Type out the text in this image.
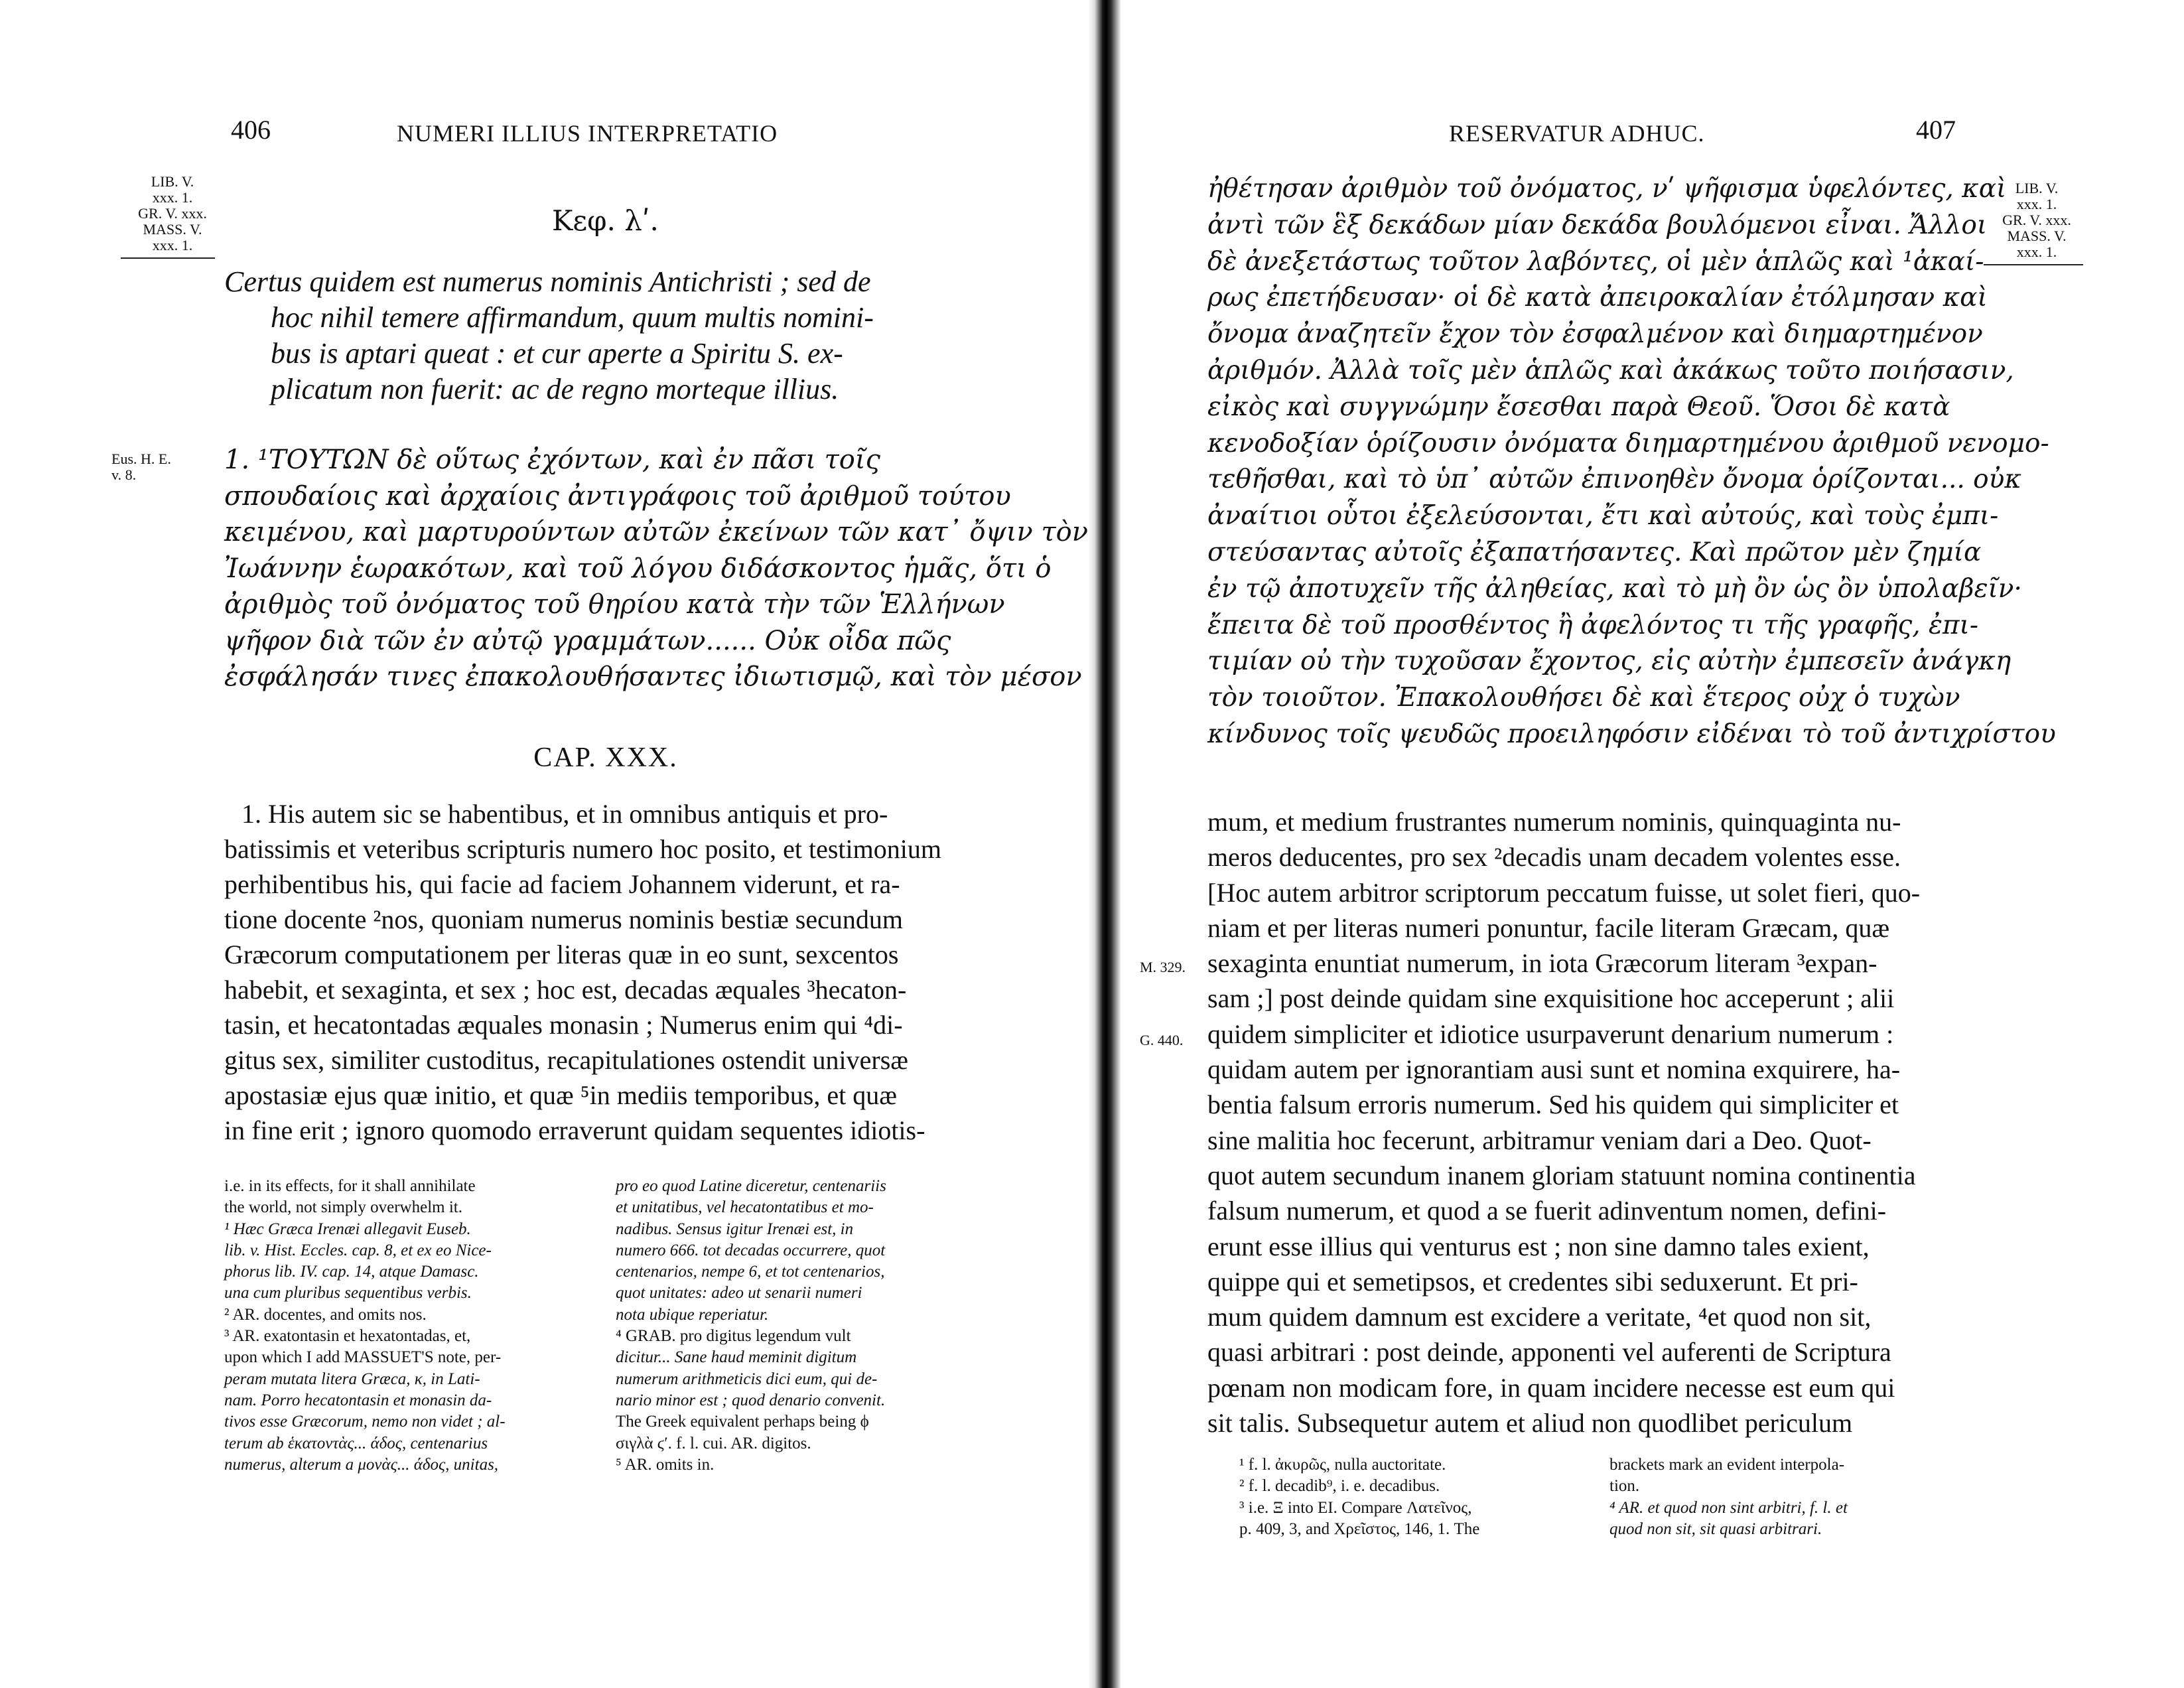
406	NUMERI ILLIUS INTERPRETATIO
LIB. V.
xxx. 1.
GR. V. xxx.
MASS. V.
xxx. 1.
Κεφ. λʹ.
Certus quidem est numerus nominis Antichristi ; sed de
hoc nihil temere affirmandum, quum multis nomini-
bus is aptari queat : et cur aperte a Spiritu S. ex-
plicatum non fuerit: ac de regno morteque illius.
Eus. H. E.
v. 8.	1. ¹ΤΟΥΤΩΝ δὲ οὕτως ἐχόντων, καὶ ἐν πᾶσι τοῖς
σπουδαίοις καὶ ἀρχαίοις ἀντιγράφοις τοῦ ἀριθμοῦ τούτου
κειμένου, καὶ μαρτυρούντων αὐτῶν ἐκείνων τῶν κατ᾽ ὄψιν τὸν
Ἰωάννην ἑωρακότων, καὶ τοῦ λόγου διδάσκοντος ἡμᾶς, ὅτι ὁ
ἀριθμὸς τοῦ ὀνόματος τοῦ θηρίου κατὰ τὴν τῶν Ἑλλήνων
ψῆφον διὰ τῶν ἐν αὐτῷ γραμμάτων...... Οὐκ οἶδα πῶς
ἐσφάλησάν τινες ἐπακολουθήσαντες ἰδιωτισμῷ, καὶ τὸν μέσον
CAP. XXX.
1. His autem sic se habentibus, et in omnibus antiquis et pro-
batissimis et veteribus scripturis numero hoc posito, et testimonium
perhibentibus his, qui facie ad faciem Johannem viderunt, et ra-
tione docente ²nos, quoniam numerus nominis bestiæ secundum
Græcorum computationem per literas quæ in eo sunt, sexcentos
habebit, et sexaginta, et sex ; hoc est, decadas æquales ³hecaton-
tasin, et hecatontadas æquales monasin ; Numerus enim qui ⁴di-
gitus sex, similiter custoditus, recapitulationes ostendit universæ
apostasiæ ejus quæ initio, et quæ ⁵in mediis temporibus, et quæ
in fine erit ; ignoro quomodo erraverunt quidam sequentes idiotis-
i.e. in its effects, for it shall annihilate
the world, not simply overwhelm it.
¹ Hæc Græca Irenæi allegavit Euseb.
lib. v. Hist. Eccles. cap. 8, et ex eo Nice-
phorus lib. IV. cap. 14, atque Damasc.
una cum pluribus sequentibus verbis.
² AR. docentes, and omits nos.
³ AR. exatontasin et hexatontadas, et,
upon which I add MASSUET'S note, per-
peram mutata litera Græca, κ, in Lati-
nam. Porro hecatontasin et monasin da-
tivos esse Græcorum, nemo non videt ; al-
terum ab ἑκατοντὰς... άδος, centenarius
numerus, alterum a μονὰς... άδος, unitas,
pro eo quod Latine diceretur, centenariis
et unitatibus, vel hecatontatibus et mo-
nadibus. Sensus igitur Irenæi est, in
numero 666. tot decadas occurrere, quot
centenarios, nempe 6, et tot centenarios,
quot unitates: adeo ut senarii numeri
nota ubique reperiatur.
⁴ GRAB. pro digitus legendum vult
dicitur... Sane haud meminit digitum
numerum arithmeticis dici eum, qui de-
nario minor est ; quod denario convenit.
The Greek equivalent perhaps being ϕ
σιγλὰ ϛʹ. f. l. cui. AR. digitos.
⁵ AR. omits in.
RESERVATUR ADHUC.	407
LIB. V.
xxx. 1.
GR. V. xxx.
MASS. V.
xxx. 1.
ἠθέτησαν ἀριθμὸν τοῦ ὀνόματος, νʹ ψῆφισμα ὑφελόντες, καὶ
ἀντὶ τῶν ἓξ δεκάδων μίαν δεκάδα βουλόμενοι εἶναι. Ἄλλοι
δὲ ἀνεξετάστως τοῦτον λαβόντες, οἱ μὲν ἁπλῶς καὶ ¹ἀκαί-
ρως ἐπετήδευσαν· οἱ δὲ κατὰ ἀπειροκαλίαν ἐτόλμησαν καὶ
ὄνομα ἀναζητεῖν ἔχον τὸν ἐσφαλμένον καὶ διημαρτημένον
ἀριθμόν. Ἀλλὰ τοῖς μὲν ἁπλῶς καὶ ἀκάκως τοῦτο ποιήσασιν,
εἰκὸς καὶ συγγνώμην ἔσεσθαι παρὰ Θεοῦ. Ὅσοι δὲ κατὰ
κενοδοξίαν ὁρίζουσιν ὀνόματα διημαρτημένου ἀριθμοῦ νενομο-
τεθῆσθαι, καὶ τὸ ὑπ᾽ αὐτῶν ἐπινοηθὲν ὄνομα ὁρίζονται... οὐκ
ἀναίτιοι οὗτοι ἐξελεύσονται, ἔτι καὶ αὐτούς, καὶ τοὺς ἐμπι-
στεύσαντας αὐτοῖς ἐξαπατήσαντες. Καὶ πρῶτον μὲν ζημία
ἐν τῷ ἀποτυχεῖν τῆς ἀληθείας, καὶ τὸ μὴ ὂν ὡς ὂν ὑπολαβεῖν·
ἔπειτα δὲ τοῦ προσθέντος ἢ ἀφελόντος τι τῆς γραφῆς, ἐπι-
τιμίαν οὐ τὴν τυχοῦσαν ἔχοντος, εἰς αὐτὴν ἐμπεσεῖν ἀνάγκη
τὸν τοιοῦτον. Ἐπακολουθήσει δὲ καὶ ἕτερος οὐχ ὁ τυχὼν
κίνδυνος τοῖς ψευδῶς προειληφόσιν εἰδέναι τὸ τοῦ ἀντιχρίστου
M. 329.
G. 440.
mum, et medium frustrantes numerum nominis, quinquaginta nu-
meros deducentes, pro sex ²decadis unam decadem volentes esse.
[Hoc autem arbitror scriptorum peccatum fuisse, ut solet fieri, quo-
niam et per literas numeri ponuntur, facile literam Græcam, quæ
sexaginta enuntiat numerum, in iota Græcorum literam ³expan-
sam ;] post deinde quidam sine exquisitione hoc acceperunt ; alii
quidem simpliciter et idiotice usurpaverunt denarium numerum :
quidam autem per ignorantiam ausi sunt et nomina exquirere, ha-
bentia falsum erroris numerum. Sed his quidem qui simpliciter et
sine malitia hoc fecerunt, arbitramur veniam dari a Deo. Quot-
quot autem secundum inanem gloriam statuunt nomina continentia
falsum numerum, et quod a se fuerit adinventum nomen, defini-
erunt esse illius qui venturus est ; non sine damno tales exient,
quippe qui et semetipsos, et credentes sibi seduxerunt. Et pri-
mum quidem damnum est excidere a veritate, ⁴et quod non sit,
quasi arbitrari : post deinde, apponenti vel auferenti de Scriptura
pœnam non modicam fore, in quam incidere necesse est eum qui
sit talis. Subsequetur autem et aliud non quodlibet periculum
¹ f. l. ἀκυρῶς, nulla auctoritate.
² f. l. decadib⁹, i. e. decadibus.
³ i.e. Ξ into EI. Compare Λατεῖνος,
p. 409, 3, and Χρεῖστος, 146, 1. The
brackets mark an evident interpola-
tion.
⁴ AR. et quod non sint arbitri, f. l. et
quod non sit, sit quasi arbitrari.
